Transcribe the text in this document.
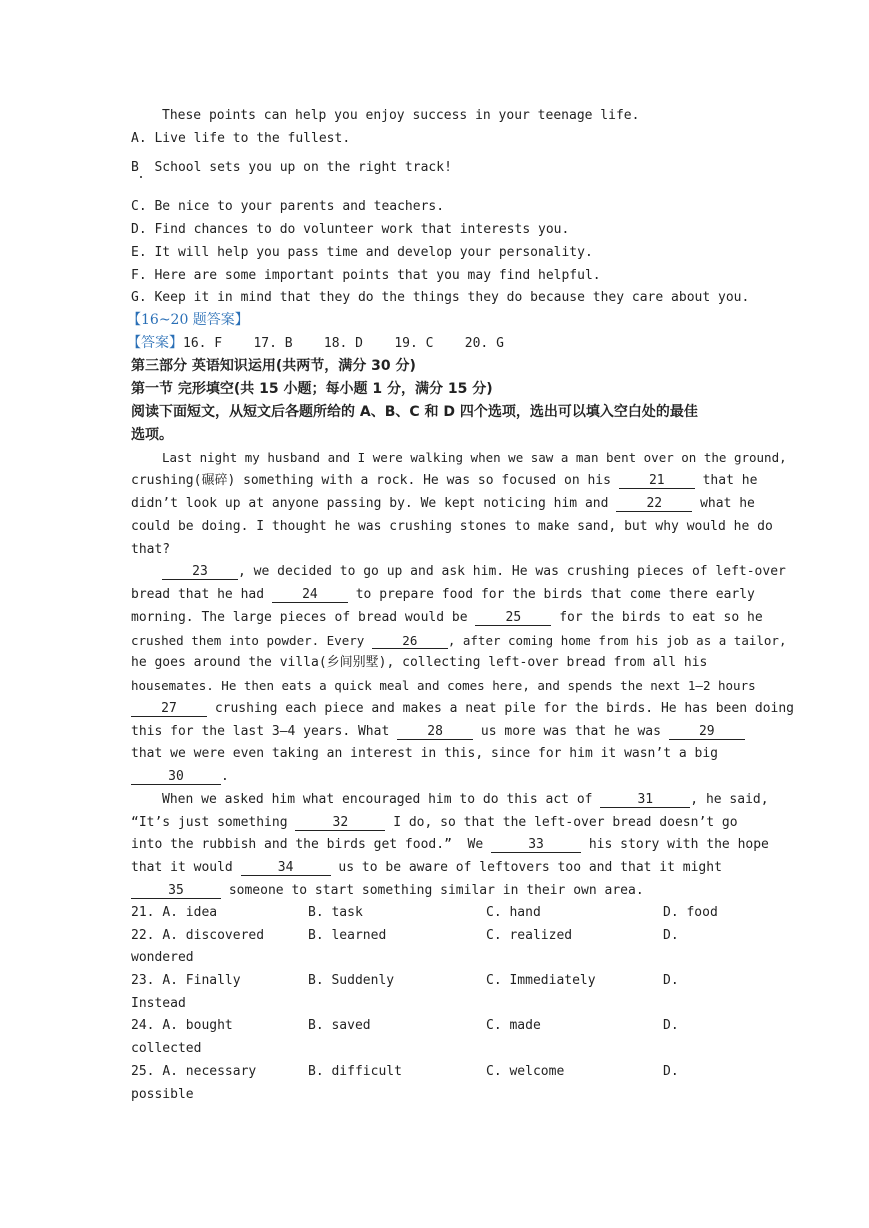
These points can help you enjoy success in your teenage life.
A. Live life to the fullest.
B  School sets you up on the right track!
C. Be nice to your parents and teachers.
D. Find chances to do volunteer work that interests you.
E. It will help you pass time and develop your personality.
F. Here are some important points that you may find helpful.
G. Keep it in mind that they do the things they do because they care about you.
【16~20 题答案】
【答案】16. F    17. B    18. D    19. C    20. G
第三部分 英语知识运用(共两节，满分 30 分)
第一节 完形填空(共 15 小题；每小题 1 分，满分 15 分)
阅读下面短文，从短文后各题所给的 A、B、C 和 D 四个选项，选出可以填入空白处的最佳
选项。
Last night my husband and I were walking when we saw a man bent over on the ground,
crushing(碾碎) something with a rock. He was so focused on his 21 that he
didn’t look up at anyone passing by. We kept noticing him and 22 what he
could be doing. I thought he was crushing stones to make sand, but why would he do
that?
23 , we decided to go up and ask him. He was crushing pieces of left-over
bread that he had 24 to prepare food for the birds that come there early
morning. The large pieces of bread would be 25 for the birds to eat so he
crushed them into powder. Every 26 , after coming home from his job as a tailor,
he goes around the villa(乡间别墅), collecting left-over bread from all his
housemates. He then eats a quick meal and comes here, and spends the next 1—2 hours
27 crushing each piece and makes a neat pile for the birds. He has been doing
this for the last 3—4 years. What 28 us more was that he was 29
that we were even taking an interest in this, since for him it wasn’t a big
30	.
When we asked him what encouraged him to do this act of	31	, he said,
“It’s just something	32	I do, so that the left-over bread doesn’t go
into the rubbish and the birds get food.”  We	33	his story with the hope
that it would	34	us to be aware of leftovers too and that it might
35	someone to start something similar in their own area.
21. A. idea	B. task	C. hand	D. food
22. A. discovered	B. learned	C. realized	D.
wondered
23. A. Finally	B. Suddenly	C. Immediately	D.
Instead
24. A. bought	B. saved	C. made	D.
collected
25. A. necessary	B. difficult	C. welcome	D.
possible
